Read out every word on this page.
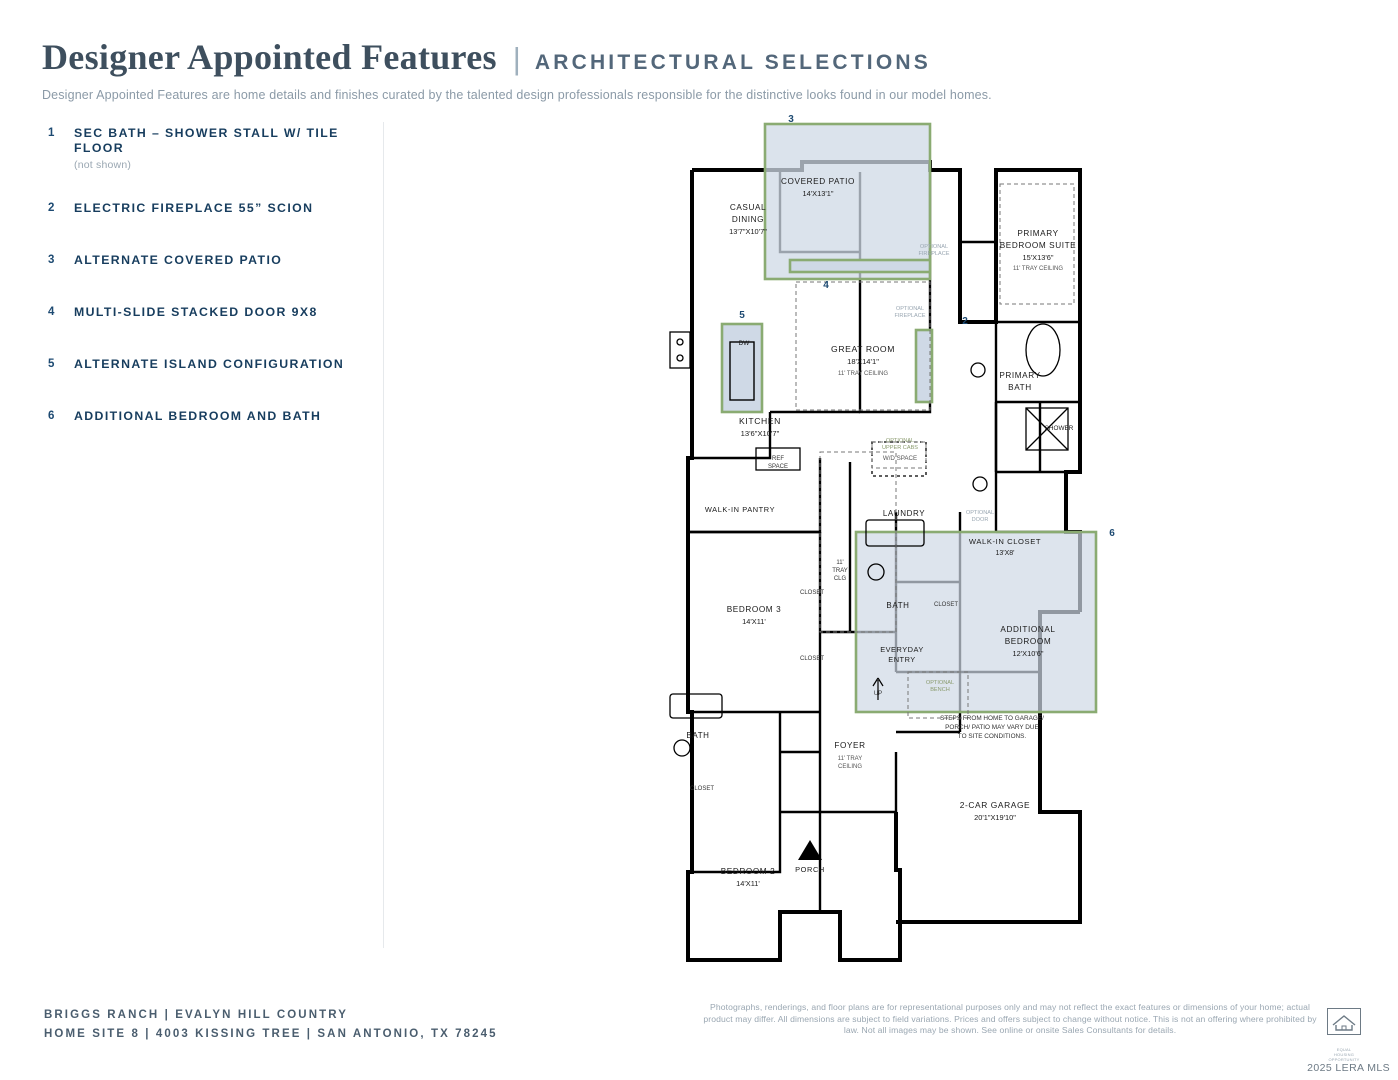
Designer Appointed Features | ARCHITECTURAL SELECTIONS
Designer Appointed Features are home details and finishes curated by the talented design professionals responsible for the distinctive looks found in our model homes.
1	SEC BATH – SHOWER STALL W/ TILE FLOOR
(not shown)
2	ELECTRIC FIREPLACE 55” SCION
3	ALTERNATE COVERED PATIO
4	MULTI-SLIDE STACKED DOOR 9X8
5	ALTERNATE ISLAND CONFIGURATION
6	ADDITIONAL BEDROOM AND BATH
COVERED PATIO
14'X13'1"
CASUAL
DINING
13'7"X10'7"	PRIMARY
BEDROOM SUITE
15'X13'6"
11' TRAY CEILING
GREAT ROOM
18'X14'1"
11' TRAY CEILING	PRIMARY
BATH
SHOWER
KITCHEN
13'6"X10'7"
DW
WALK-IN PANTRY
REF
SPACE
LAUNDRY
W/D SPACE
OPTIONAL
UPPER CABS
WALK-IN CLOSET
13'X8'
BEDROOM 3
14'X11'
CLOSET
CLOSET
11'
TRAY
CLG
BATH	CLOSET
ADDITIONAL
BEDROOM
12'X10'6"
EVERYDAY
ENTRY
UP
OPTIONAL
BENCH
BATH
CLOSET
FOYER
11' TRAY
CEILING
2-CAR GARAGE
20'1"X19'10"
BEDROOM 2
14'X11'
PORCH
OPTIONAL
FIREPLACE
OPTIONAL
FIREPLACE
OPTIONAL
DOOR
STEPS FROM HOME TO GARAGE/
PORCH/ PATIO MAY VARY DUE
TO SITE CONDITIONS.
3
4
2
5
6
BRIGGS RANCH | EVALYN HILL COUNTRY
HOME SITE 8 | 4003 KISSING TREE | SAN ANTONIO, TX 78245
Photographs, renderings, and floor plans are for representational purposes only and may not reflect the exact features or dimensions of your home; actual product may differ. All dimensions are subject to field variations. Prices and offers subject to change without notice. This is not an offering where prohibited by law. Not all images may be shown. See online or onsite Sales Consultants for details.
EQUAL HOUSING OPPORTUNITY
2025 LERA MLS
